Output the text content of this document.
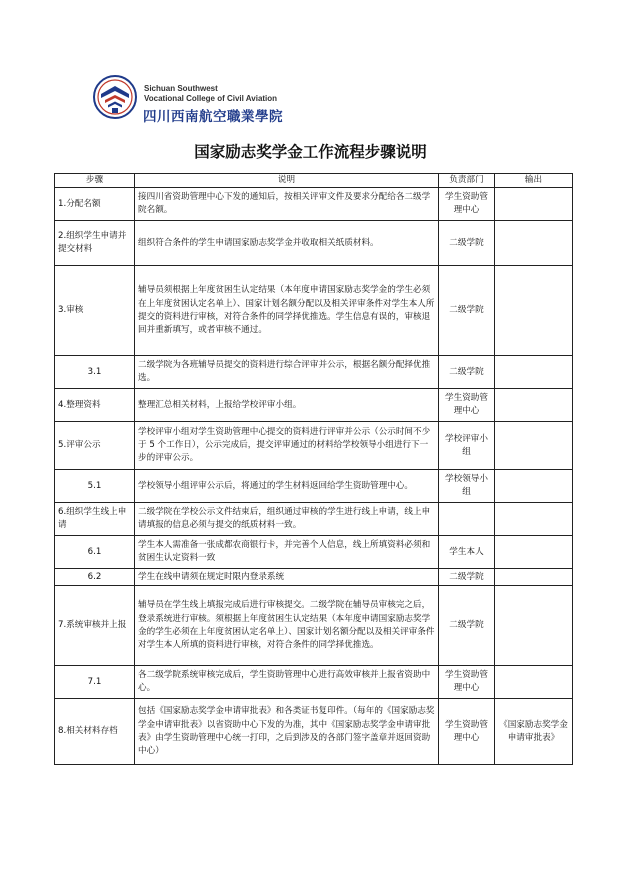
Sichuan Southwest
Vocational College of Civil Aviation
四川西南航空職業學院
国家励志奖学金工作流程步骤说明
步骤	说明	负责部门	输出
1.分配名额	接四川省资助管理中心下发的通知后，按相关评审文件及要求分配给各二级学院名额。	学生资助管理中心	
2.组织学生申请并提交材料	组织符合条件的学生申请国家励志奖学金并收取相关纸质材料。	二级学院	
3.审核	辅导员须根据上年度贫困生认定结果（本年度申请国家励志奖学金的学生必须在上年度贫困认定名单上）、国家计划名额分配以及相关评审条件对学生本人所提交的资料进行审核，对符合条件的同学择优推选。学生信息有误的，审核退回并重新填写，或者审核不通过。	二级学院	
3.1	二级学院为各班辅导员提交的资料进行综合评审并公示，根据名额分配择优推选。	二级学院	
4.整理资料	整理汇总相关材料，上报给学校评审小组。	学生资助管理中心	
5.评审公示	学校评审小组对学生资助管理中心提交的资料进行评审并公示（公示时间不少于 5 个工作日），公示完成后，提交评审通过的材料给学校领导小组进行下一步的评审公示。	学校评审小组	
5.1	学校领导小组评审公示后，将通过的学生材料返回给学生资助管理中心。	学校领导小组	
6.组织学生线上申请	二级学院在学校公示文件结束后，组织通过审核的学生进行线上申请，线上申请填报的信息必须与提交的纸质材料一致。		
6.1	学生本人需准备一张成都农商银行卡，并完善个人信息，线上所填资料必须和贫困生认定资料一致	学生本人	
6.2	学生在线申请须在规定时限内登录系统	二级学院	
7.系统审核并上报	辅导员在学生线上填报完成后进行审核提交。二级学院在辅导员审核完之后，登录系统进行审核。须根据上年度贫困生认定结果（本年度申请国家励志奖学金的学生必须在上年度贫困认定名单上）、国家计划名额分配以及相关评审条件对学生本人所填的资料进行审核，对符合条件的同学择优推选。	二级学院	
7.1	各二级学院系统审核完成后，学生资助管理中心进行高效审核并上报省资助中心。	学生资助管理中心	
8.相关材料存档	包括《国家励志奖学金申请审批表》和各类证书复印件。（每年的《国家励志奖学金申请审批表》以省资助中心下发的为准，其中《国家励志奖学金申请审批表》由学生资助管理中心统一打印，之后到涉及的各部门签字盖章并返回资助中心）	学生资助管理中心	《国家励志奖学金申请审批表》
